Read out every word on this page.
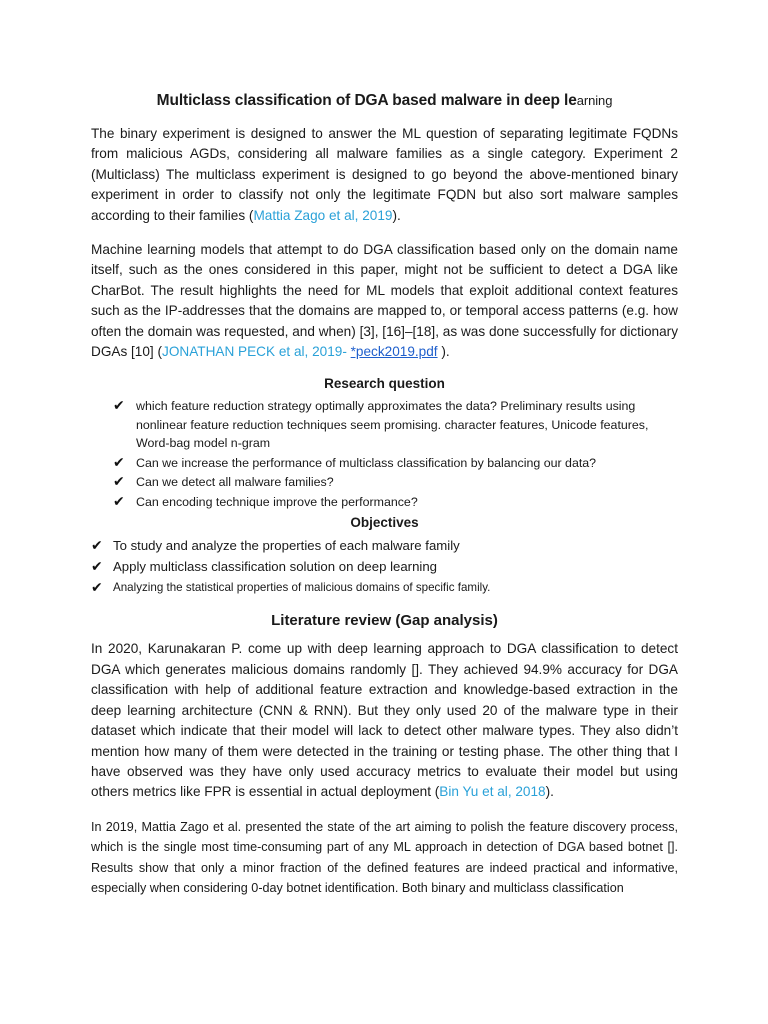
Multiclass classification of DGA based malware in deep learning

The binary experiment is designed to answer the ML question of separating legitimate FQDNs from malicious AGDs, considering all malware families as a single category. Experiment 2 (Multiclass) The multiclass experiment is designed to go beyond the above-mentioned binary experiment in order to classify not only the legitimate FQDN but also sort malware samples according to their families (Mattia Zago et al, 2019).

Machine learning models that attempt to do DGA classification based only on the domain name itself, such as the ones considered in this paper, might not be sufficient to detect a DGA like CharBot. The result highlights the need for ML models that exploit additional context features such as the IP-addresses that the domains are mapped to, or temporal access patterns (e.g. how often the domain was requested, and when) [3], [16]–[18], as was done successfully for dictionary DGAs [10] (JONATHAN PECK et al, 2019- *peck2019.pdf ).

Research question
✔ which feature reduction strategy optimally approximates the data? Preliminary results using nonlinear feature reduction techniques seem promising. character features, Unicode features, Word-bag model n-gram
✔ Can we increase the performance of multiclass classification by balancing our data?
✔ Can we detect all malware families?
✔ Can encoding technique improve the performance?
Objectives
✔ To study and analyze the properties of each malware family
✔ Apply multiclass classification solution on deep learning
✔ Analyzing the statistical properties of malicious domains of specific family.
Literature review (Gap analysis)

In 2020, Karunakaran P. come up with deep learning approach to DGA classification to detect DGA which generates malicious domains randomly []. They achieved 94.9% accuracy for DGA classification with help of additional feature extraction and knowledge-based extraction in the deep learning architecture (CNN & RNN). But they only used 20 of the malware type in their dataset which indicate that their model will lack to detect other malware types. They also didn’t mention how many of them were detected in the training or testing phase. The other thing that I have observed was they have only used accuracy metrics to evaluate their model but using others metrics like FPR is essential in actual deployment (Bin Yu et al, 2018).

In 2019, Mattia Zago et al. presented the state of the art aiming to polish the feature discovery process, which is the single most time-consuming part of any ML approach in detection of DGA based botnet []. Results show that only a minor fraction of the defined features are indeed practical and informative, especially when considering 0-day botnet identification. Both binary and multiclass classification
